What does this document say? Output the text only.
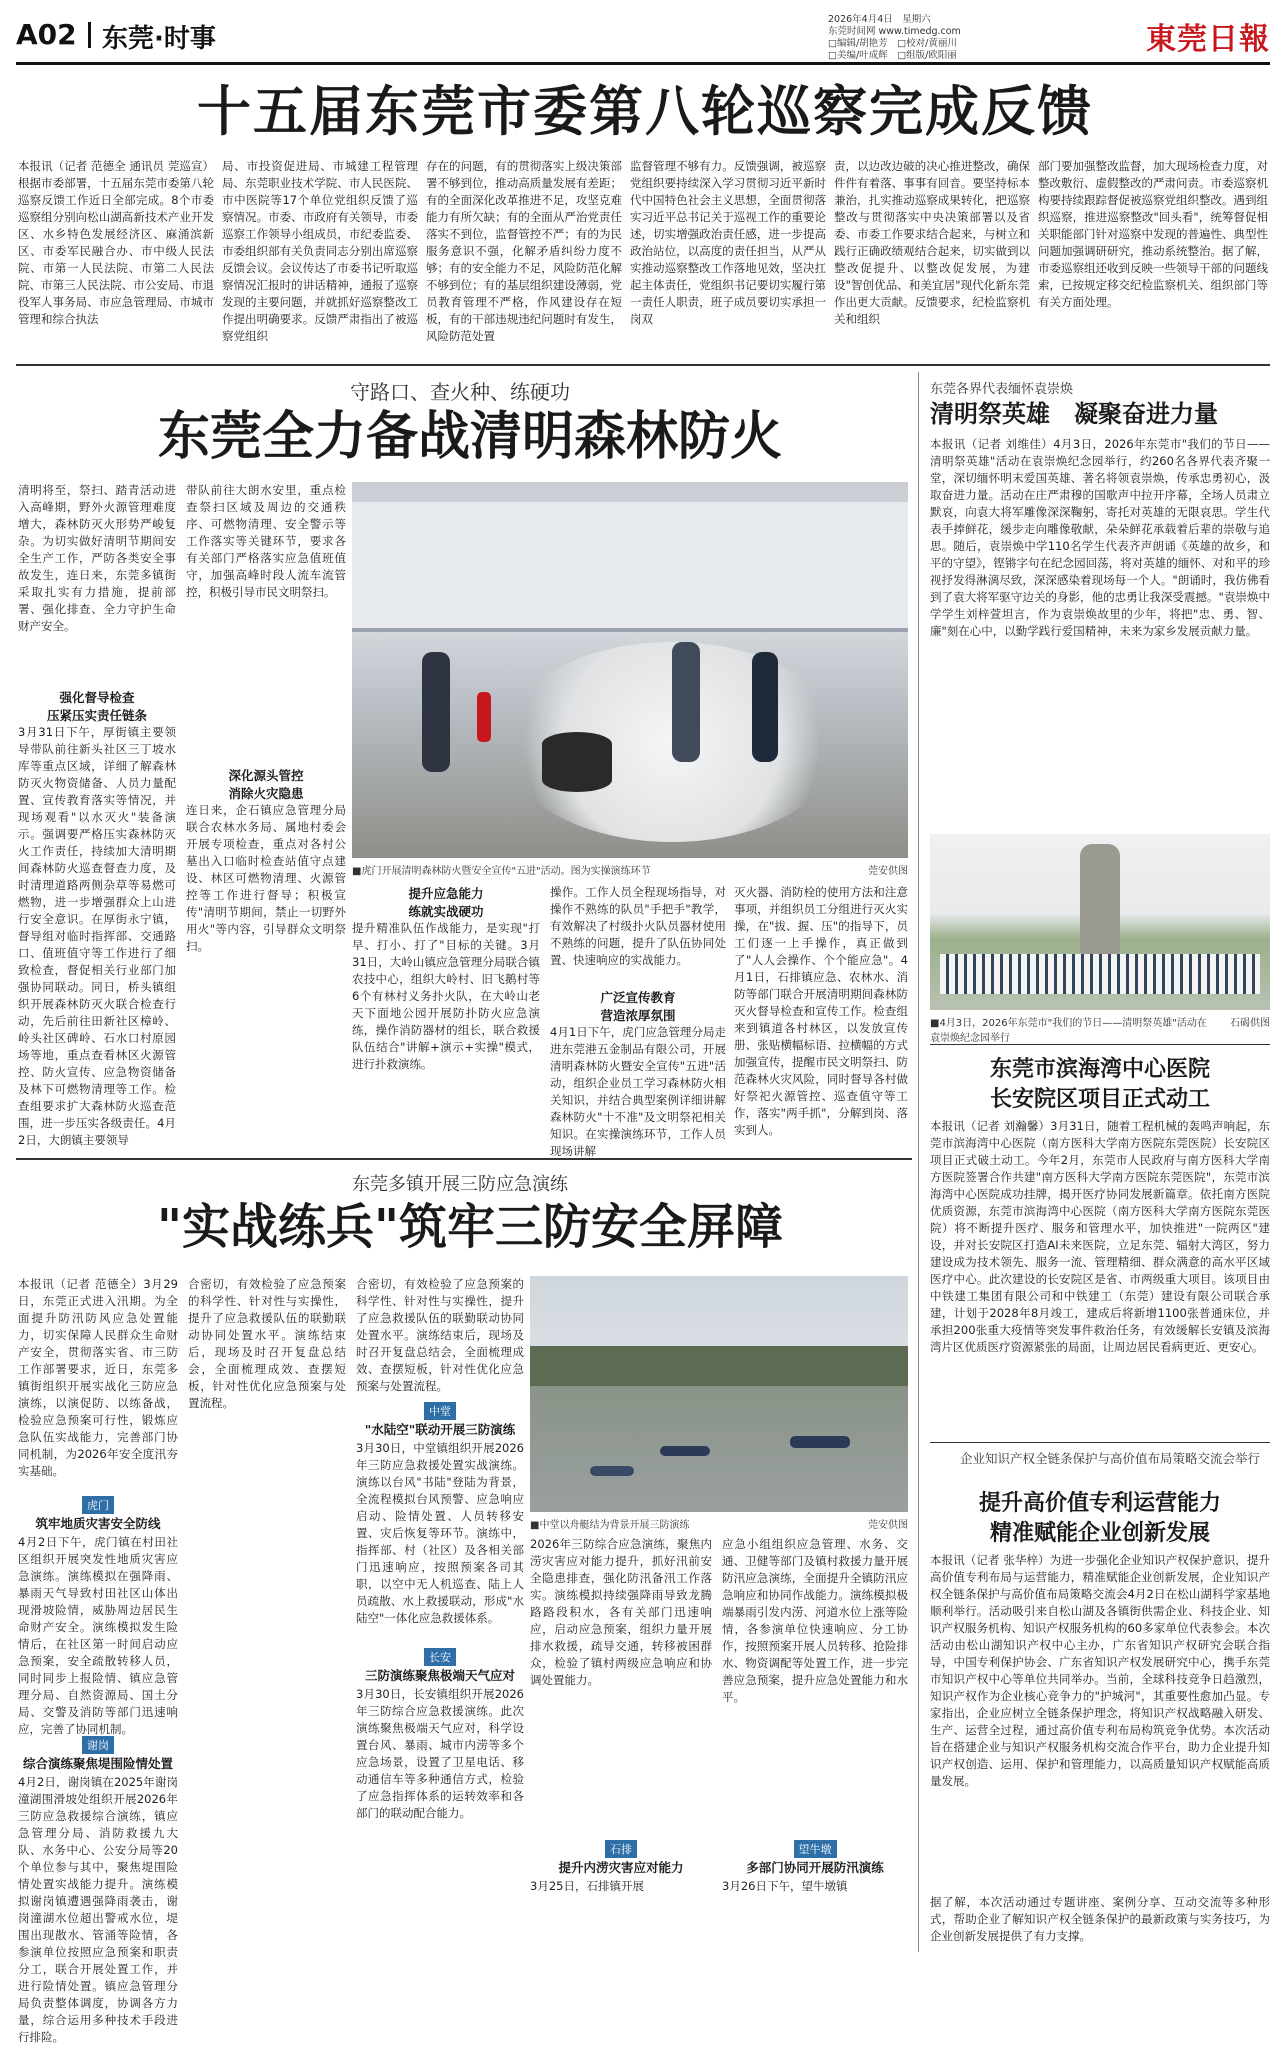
A02 东莞·时事
2026年4月4日　星期六
东莞时间网 www.timedg.com
□编辑/胡艳芳　□校对/黄丽川
□美编/叶成辉　□组版/欧阳丽	東莞日報
十五届东莞市委第八轮巡察完成反馈
本报讯（记者 范德全 通讯员 莞巡宣）根据市委部署，十五届东莞市委第八轮巡察反馈工作近日全部完成。8个市委巡察组分别向松山湖高新技术产业开发区、水乡特色发展经济区、麻涌滨新区、市委军民融合办、市中级人民法院、市第一人民法院、市第二人民法院、市第三人民法院、市公安局、市退役军人事务局、市应急管理局、市城市管理和综合执法
局、市投资促进局、市城建工程管理局、东莞职业技术学院、市人民医院、市中医院等17个单位党组织反馈了巡察情况。市委、市政府有关领导，市委巡察工作领导小组成员，市纪委监委、市委组织部有关负责同志分别出席巡察反馈会议。会议传达了市委书记听取巡察情况汇报时的讲话精神，通报了巡察发现的主要问题，并就抓好巡察整改工作提出明确要求。反馈严肃指出了被巡察党组织
存在的问题，有的贯彻落实上级决策部署不够到位，推动高质量发展有差距；有的全面深化改革推进不足，攻坚克难能力有所欠缺；有的全面从严治党责任落实不到位，监督管控不严；有的为民服务意识不强，化解矛盾纠纷力度不够；有的安全能力不足，风险防范化解不够到位；有的基层组织建设薄弱，党员教育管理不严格，作风建设存在短板，有的干部违规违纪问题时有发生，风险防范处置
监督管理不够有力。反馈强调，被巡察党组织要持续深入学习贯彻习近平新时代中国特色社会主义思想，全面贯彻落实习近平总书记关于巡视工作的重要论述，切实增强政治责任感，进一步提高政治站位，以高度的责任担当，从严从实推动巡察整改工作落地见效，坚决扛起主体责任，党组织书记要切实履行第一责任人职责，班子成员要切实承担一岗双
责，以边改边破的决心推进整改，确保件件有着落、事事有回音。要坚持标本兼治，扎实推动巡察成果转化，把巡察整改与贯彻落实中央决策部署以及省委、市委工作要求结合起来，与树立和践行正确政绩观结合起来，切实做到以整改促提升、以整改促发展，为建设"智创优品、和美宜居"现代化新东莞作出更大贡献。反馈要求，纪检监察机关和组织
部门要加强整改监督，加大现场检查力度，对整改敷衍、虚假整改的严肃问责。市委巡察机构要持续跟踪督促被巡察党组织整改。遇到组织巡察，推进巡察整改"回头看"，统筹督促相关职能部门针对巡察中发现的普遍性、典型性问题加强调研研究，推动系统整治。据了解，市委巡察组还收到反映一些领导干部的问题线索，已按规定移交纪检监察机关、组织部门等有关方面处理。
守路口、查火种、练硬功
东莞全力备战清明森林防火
清明将至，祭扫、踏青活动进入高峰期，野外火源管理难度增大，森林防灭火形势严峻复杂。为切实做好清明节期间安全生产工作，严防各类安全事故发生，连日来，东莞多镇街采取扎实有力措施，提前部署、强化排查、全力守护生命财产安全。
强化督导检查
压紧压实责任链条
3月31日下午，厚街镇主要领导带队前往新头社区三丁坡水库等重点区域，详细了解森林防灭火物资储备、人员力量配置、宣传教育落实等情况，并现场观看"以水灭火"装备演示。强调要严格压实森林防灭火工作责任，持续加大清明期间森林防火巡查督查力度，及时清理道路两侧杂草等易燃可燃物，进一步增强群众上山进行安全意识。在厚街永宁镇，督导组对临时指挥部、交通路口、值班值守等工作进行了细致检查，督促相关行业部门加强协同联动。同日，桥头镇组织开展森林防灭火联合检查行动，先后前往田新社区樟岭、岭头社区碑岭、石水口村原园场等地，重点查看林区火源管控、防火宣传、应急物资储备及林下可燃物清理等工作。检查组要求扩大森林防火巡查范围，进一步压实各级责任。4月2日，大朗镇主要领导
带队前往大朗水安里，重点检查祭扫区域及周边的交通秩序、可燃物清理、安全警示等工作落实等关键环节，要求各有关部门严格落实应急值班值守，加强高峰时段人流车流管控，积极引导市民文明祭扫。
深化源头管控
消除火灾隐患
连日来，企石镇应急管理分局联合农林水务局、属地村委会开展专项检查，重点对各村公墓出入口临时检查站值守点建设、林区可燃物清理、火源管控等工作进行督导；积极宣传"清明节期间，禁止一切野外用火"等内容，引导群众文明祭扫。
■虎门开展清明森林防火暨安全宣传"五进"活动。图为实操演练环节	莞安供图
提升应急能力
练就实战硬功
提升精准队伍作战能力，是实现"打早、打小、打了"目标的关键。3月31日，大岭山镇应急管理分局联合镇农技中心，组织大岭村、旧飞鹅村等6个有林村义务扑火队，在大岭山老天下面地公园开展防扑防火应急演练，操作消防器材的组长，联合救援队伍结合"讲解+演示+实操"模式，进行扑救演练。
操作。工作人员全程现场指导，对操作不熟练的队员"手把手"教学，有效解决了村级扑火队员器材使用不熟练的问题，提升了队伍协同处置、快速响应的实战能力。
广泛宣传教育
营造浓厚氛围
4月1日下午，虎门应急管理分局走进东莞港五金制品有限公司，开展清明森林防火暨安全宣传"五进"活动，组织企业员工学习森林防火相关知识，并结合典型案例详细讲解森林防火"十不准"及文明祭祀相关知识。在实操演练环节，工作人员现场讲解
灭火器、消防栓的使用方法和注意事项，并组织员工分组进行灭火实操，在"拔、握、压"的指导下，员工们逐一上手操作，真正做到了"人人会操作、个个能应急"。4月1日，石排镇应急、农林水、消防等部门联合开展清明期间森林防灭火督导检查和宣传工作。检查组来到镇道各村林区，以发放宣传册、张贴横幅标语、拉横幅的方式加强宣传，提醒市民文明祭扫、防范森林火灾风险，同时督导各村做好祭祀火源管控、巡查值守等工作，落实"两手抓"，分解到岗、落实到人。
东莞多镇开展三防应急演练
"实战练兵"筑牢三防安全屏障
本报讯（记者 范德全）3月29日，东莞正式进入汛期。为全面提升防汛防风应急处置能力，切实保障人民群众生命财产安全，贯彻落实省、市三防工作部署要求，近日，东莞多镇街组织开展实战化三防应急演练，以演促防、以练备战，检验应急预案可行性，锻炼应急队伍实战能力，完善部门协同机制，为2026年安全度汛夯实基础。
虎门
筑牢地质灾害安全防线
4月2日下午，虎门镇在村田社区组织开展突发性地质灾害应急演练。演练模拟在强降雨、暴雨天气导致村田社区山体出现滑坡险情，威胁周边居民生命财产安全。演练模拟发生险情后，在社区第一时间启动应急预案，安全疏散转移人员，同时同步上报险情、镇应急管理分局、自然资源局、国土分局、交警及消防等部门迅速响应，完善了协同机制。
谢岗
综合演练聚焦堤围险情处置
4月2日，谢岗镇在2025年谢岗潼湖围滑坡处组织开展2026年三防应急救援综合演练，镇应急管理分局、消防救援九大队、水务中心、公安分局等20个单位参与其中，聚焦堤围险情处置实战能力提升。演练模拟谢岗镇遭遇强降雨袭击，谢岗潼湖水位超出警戒水位，堤围出现散水、管涌等险情，各参演单位按照应急预案和职责分工，联合开展处置工作，并进行险情处置。镇应急管理分局负责整体调度，协调各方力量，综合运用多种技术手段进行排险。
合密切，有效检验了应急预案的科学性、针对性与实操性，提升了应急救援队伍的联勤联动协同处置水平。演练结束后，现场及时召开复盘总结会，全面梳理成效、查摆短板，针对性优化应急预案与处置流程。
合密切，有效检验了应急预案的科学性、针对性与实操性，提升了应急救援队伍的联勤联动协同处置水平。演练结束后，现场及时召开复盘总结会，全面梳理成效、查摆短板，针对性优化应急预案与处置流程。
中堂
"水陆空"联动开展三防演练
3月30日，中堂镇组织开展2026年三防应急救援处置实战演练。演练以台风"书陆"登陆为背景，全流程模拟台风预警、应急响应启动、险情处置、人员转移安置、灾后恢复等环节。演练中，指挥部、村（社区）及各相关部门迅速响应，按照预案各司其职，以空中无人机巡查、陆上人员疏散、水上救援联动，形成"水陆空"一体化应急救援体系。
长安
三防演练聚焦极端天气应对
3月30日，长安镇组织开展2026年三防综合应急救援演练。此次演练聚焦极端天气应对，科学设置台风、暴雨、城市内涝等多个应急场景，设置了卫星电话、移动通信车等多种通信方式，检验了应急指挥体系的运转效率和各部门的联动配合能力。
■中堂以舟艇结为背景开展三防演练	莞安供图
2026年三防综合应急演练，聚焦内涝灾害应对能力提升，抓好汛前安全隐患排查，强化防汛备汛工作落实。演练模拟持续强降雨导致龙腾路路段积水，各有关部门迅速响应，启动应急预案，组织力量开展排水救援，疏导交通，转移被困群众，检验了镇村两级应急响应和协调处置能力。
石排
提升内涝灾害应对能力
3月25日，石排镇开展
应急小组组织应急管理、水务、交通、卫健等部门及镇村救援力量开展防汛应急演练，全面提升全镇防汛应急响应和协同作战能力。演练模拟极端暴雨引发内涝、河道水位上涨等险情，各参演单位快速响应、分工协作，按照预案开展人员转移、抢险排水、物资调配等处置工作，进一步完善应急预案，提升应急处置能力和水平。
望牛墩
多部门协同开展防汛演练
3月26日下午，望牛墩镇
东莞各界代表缅怀袁崇焕
清明祭英雄　凝聚奋进力量
本报讯（记者 刘维佳）4月3日，2026年东莞市"我们的节日——清明祭英雄"活动在袁崇焕纪念园举行，约260名各界代表齐聚一堂，深切缅怀明末爱国英雄、著名将领袁崇焕，传承忠勇初心，汲取奋进力量。活动在庄严肃穆的国歌声中拉开序幕，全场人员肃立默哀，向袁大将军雕像深深鞠躬，寄托对英雄的无限哀思。学生代表手捧鲜花，缓步走向雕像敬献，朵朵鲜花承载着后辈的崇敬与追思。随后，袁崇焕中学110名学生代表齐声朗诵《英雄的故乡，和平的守望》，铿锵字句在纪念园回荡，将对英雄的缅怀、对和平的珍视抒发得淋漓尽致，深深感染着现场每一个人。"朗诵时，我仿佛看到了袁大将军驱守边关的身影，他的忠勇让我深受震撼。"袁崇焕中学学生刘梓萱坦言，作为袁崇焕故里的少年，将把"忠、勇、智、廉"刻在心中，以勤学践行爱国精神，未来为家乡发展贡献力量。
■4月3日，2026年东莞市"我们的节日——清明祭英雄"活动在袁崇焕纪念园举行
石碣供图
东莞市滨海湾中心医院
长安院区项目正式动工
本报讯（记者 刘瀚馨）3月31日，随着工程机械的轰鸣声响起，东莞市滨海湾中心医院（南方医科大学南方医院东莞医院）长安院区项目正式破土动工。今年2月，东莞市人民政府与南方医科大学南方医院签署合作共建"南方医科大学南方医院东莞医院"，东莞市滨海湾中心医院成功挂牌，揭开医疗协同发展新篇章。依托南方医院优质资源，东莞市滨海湾中心医院（南方医科大学南方医院东莞医院）将不断提升医疗、服务和管理水平，加快推进"一院两区"建设，并对长安院区打造AI未来医院，立足东莞、辐射大湾区，努力建设成为技术领先、服务一流、管理精细、群众满意的高水平区域医疗中心。此次建设的长安院区是省、市两级重大项目。该项目由中铁建工集团有限公司和中铁建工（东莞）建设有限公司联合承建，计划于2028年8月竣工，建成后将新增1100张普通床位，并承担200张重大疫情等突发事件救治任务，有效缓解长安镇及滨海湾片区优质医疗资源紧张的局面，让周边居民看病更近、更安心。
企业知识产权全链条保护与高价值布局策略交流会举行
提升高价值专利运营能力
精准赋能企业创新发展
本报讯（记者 张华梓）为进一步强化企业知识产权保护意识，提升高价值专利布局与运营能力，精准赋能企业创新发展，企业知识产权全链条保护与高价值布局策略交流会4月2日在松山湖科学家基地顺利举行。活动吸引来自松山湖及各镇街供需企业、科技企业、知识产权服务机构、知识产权服务机构的60多家单位代表参会。本次活动由松山湖知识产权中心主办，广东省知识产权研究会联合指导，中国专利保护协会、广东省知识产权发展研究中心，携手东莞市知识产权中心等单位共同举办。当前，全球科技竞争日趋激烈，知识产权作为企业核心竞争力的"护城河"，其重要性愈加凸显。专家指出，企业应树立全链条保护理念，将知识产权战略融入研发、生产、运营全过程，通过高价值专利布局构筑竞争优势。本次活动旨在搭建企业与知识产权服务机构交流合作平台，助力企业提升知识产权创造、运用、保护和管理能力，以高质量知识产权赋能高质量发展。
据了解，本次活动通过专题讲座、案例分享、互动交流等多种形式，帮助企业了解知识产权全链条保护的最新政策与实务技巧，为企业创新发展提供了有力支撑。
